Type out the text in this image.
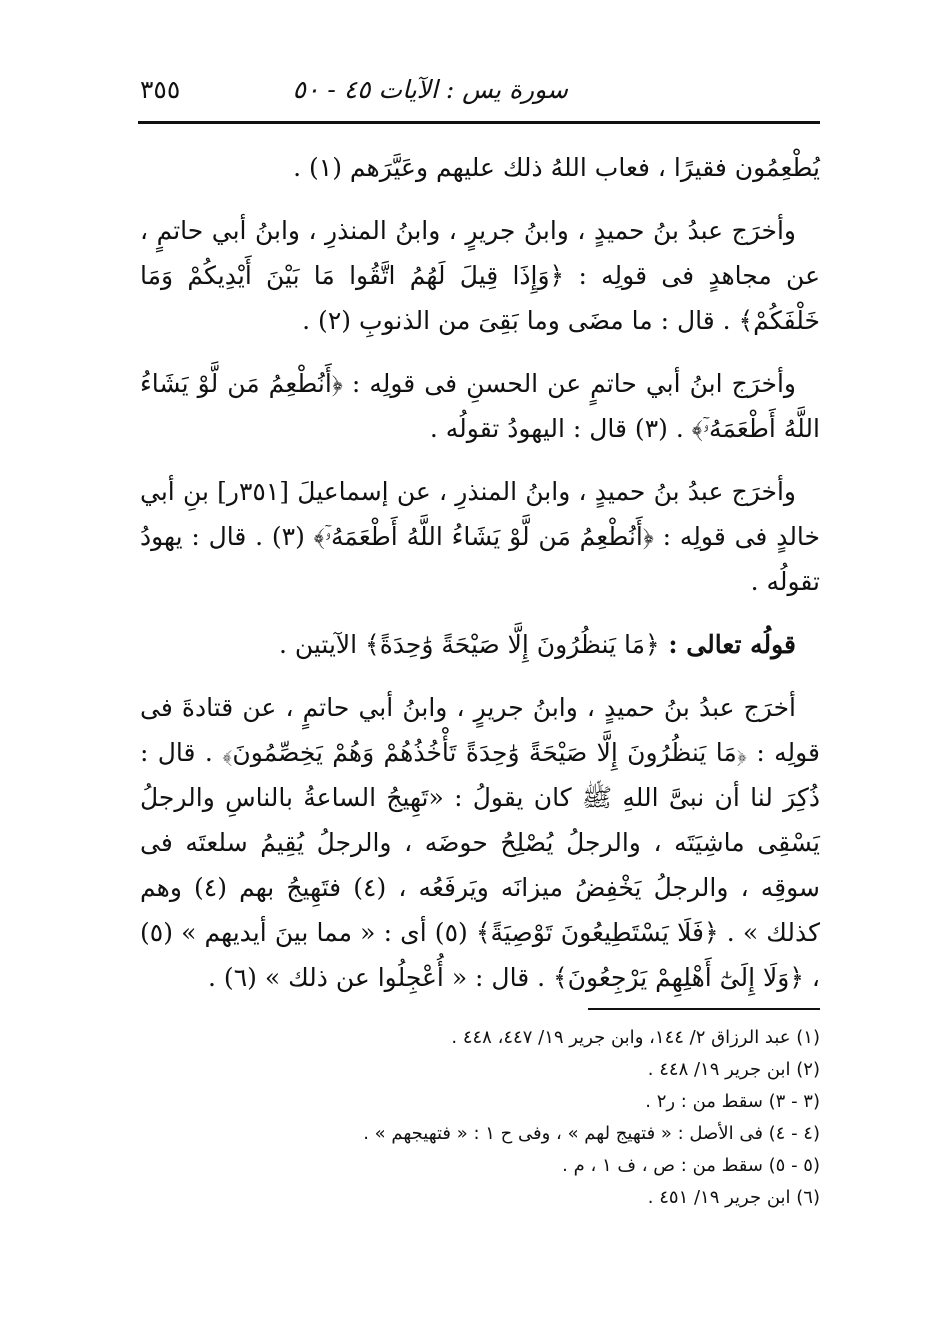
سورة يس : الآيات ٤٥ - ٥٠
٣٥٥

يُطْعِمُون فقيرًا ، فعاب اللهُ ذلك عليهم وعَيَّرَهم (١) .

وأخرَج عبدُ بنُ حميدٍ ، وابنُ جريرٍ ، وابنُ المنذرِ ، وابنُ أبي حاتمٍ ، عن مجاهدٍ فى قولِه : ﴿وَإِذَا قِيلَ لَهُمُ اتَّقُوا مَا بَيْنَ أَيْدِيكُمْ وَمَا خَلْفَكُمْ﴾ . قال : ما مضَى وما بَقِىَ من الذنوبِ (٢) .

وأخرَج ابنُ أبي حاتمٍ عن الحسنِ فى قولِه : ﴿أَنُطْعِمُ مَن لَّوْ يَشَاءُ اللَّهُ أَطْعَمَهُۥٓ﴾ . (٣) قال : اليهودُ تقولُه .

وأخرَج عبدُ بنُ حميدٍ ، وابنُ المنذرِ ، عن إسماعيلَ [٣٥١ر] بنِ أبي خالدٍ فى قولِه : ﴿أَنُطْعِمُ مَن لَّوْ يَشَاءُ اللَّهُ أَطْعَمَهُۥٓ﴾ (٣) . قال : يهودُ تقولُه .

قولُه تعالى : ﴿مَا يَنظُرُونَ إِلَّا صَيْحَةً وَٰحِدَةً﴾ الآيتين .

أخرَج عبدُ بنُ حميدٍ ، وابنُ جريرٍ ، وابنُ أبي حاتمٍ ، عن قتادةَ فى قولِه : ﴿مَا يَنظُرُونَ إِلَّا صَيْحَةً وَٰحِدَةً تَأْخُذُهُمْ وَهُمْ يَخِصِّمُونَ﴾ . قال : ذُكِرَ لنا أن نبىَّ اللهِ ﷺ كان يقولُ : «تَهِيجُ الساعةُ بالناسِ والرجلُ يَسْقِى ماشِيَتَه ، والرجلُ يُصْلِحُ حوضَه ، والرجلُ يُقِيمُ سلعتَه فى سوقِه ، والرجلُ يَخْفِضُ ميزانَه ويَرفَعُه ، (٤) فتَهِيجُ بهم (٤) وهم كذلك » . ﴿فَلَا يَسْتَطِيعُونَ تَوْصِيَةً﴾ (٥) أى : « مما بينَ أيديهم » (٥) ، ﴿وَلَا إِلَىٰٓ أَهْلِهِمْ يَرْجِعُونَ﴾ . قال : « أُعْجِلُوا عن ذلك » (٦) .

(١) عبد الرزاق ٢/ ١٤٤، وابن جرير ١٩/ ٤٤٧، ٤٤٨ .
(٢) ابن جرير ١٩/ ٤٤٨ .
(٣ - ٣) سقط من : ر٢ .
(٤ - ٤) فى الأصل : « فتهيج لهم » ، وفى ح ١ : « فتهيجهم » .
(٥ - ٥) سقط من : ص ، ف ١ ، م .
(٦) ابن جرير ١٩/ ٤٥١ .
